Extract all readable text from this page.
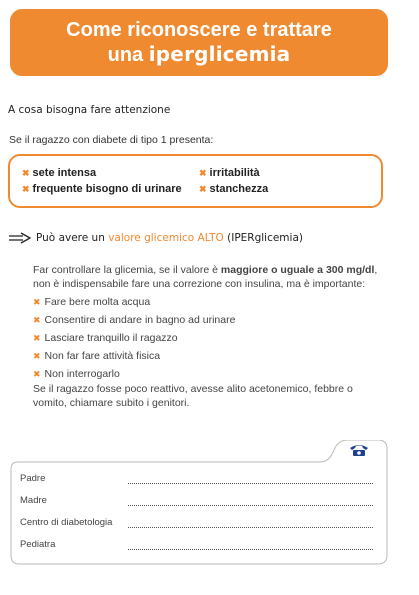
Come riconoscere e trattare
una iperglicemia
A cosa bisogna fare attenzione
Se il ragazzo con diabete di tipo 1 presenta:
✖ sete intensa
✖ frequente bisogno di urinare
✖ irritabilità
✖ stanchezza
Può avere un valore glicemico ALTO (IPERglicemia)
Far controllare la glicemia, se il valore è maggiore o uguale a 300 mg/dl, non è indispensabile fare una correzione con insulina, ma è importante:
✖ Fare bere molta acqua
✖ Consentire di andare in bagno ad urinare
✖ Lasciare tranquillo il ragazzo
✖ Non far fare attività fisica
✖ Non interrogarlo
Se il ragazzo fosse poco reattivo, avesse alito acetonemico, febbre o vomito, chiamare subito i genitori.
Padre
Madre
Centro di diabetologia
Pediatra
